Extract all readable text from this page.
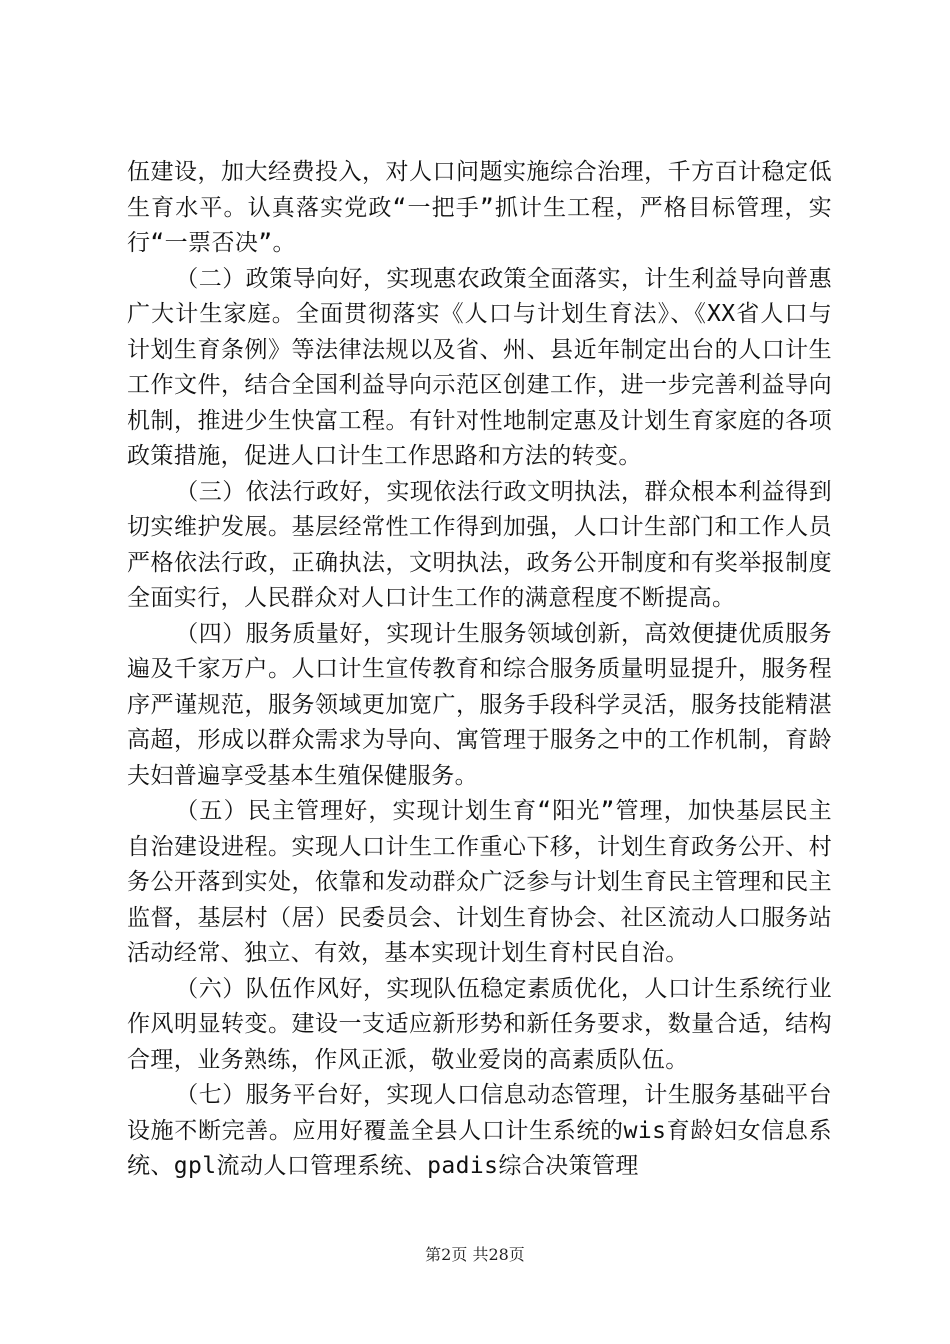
伍建设，加大经费投入，对人口问题实施综合治理，千方百计稳定低生育水平。认真落实党政“一把手”抓计生工程，严格目标管理，实行“一票否决”。

（二）政策导向好，实现惠农政策全面落实，计生利益导向普惠广大计生家庭。全面贯彻落实《人口与计划生育法》、《XX省人口与计划生育条例》等法律法规以及省、州、县近年制定出台的人口计生工作文件，结合全国利益导向示范区创建工作，进一步完善利益导向机制，推进少生快富工程。有针对性地制定惠及计划生育家庭的各项政策措施，促进人口计生工作思路和方法的转变。

（三）依法行政好，实现依法行政文明执法，群众根本利益得到切实维护发展。基层经常性工作得到加强，人口计生部门和工作人员严格依法行政，正确执法，文明执法，政务公开制度和有奖举报制度全面实行，人民群众对人口计生工作的满意程度不断提高。

（四）服务质量好，实现计生服务领域创新，高效便捷优质服务遍及千家万户。人口计生宣传教育和综合服务质量明显提升，服务程序严谨规范，服务领域更加宽广，服务手段科学灵活，服务技能精湛高超，形成以群众需求为导向、寓管理于服务之中的工作机制，育龄夫妇普遍享受基本生殖保健服务。

（五）民主管理好，实现计划生育“阳光”管理，加快基层民主自治建设进程。实现人口计生工作重心下移，计划生育政务公开、村务公开落到实处，依靠和发动群众广泛参与计划生育民主管理和民主监督，基层村（居）民委员会、计划生育协会、社区流动人口服务站活动经常、独立、有效，基本实现计划生育村民自治。

（六）队伍作风好，实现队伍稳定素质优化，人口计生系统行业作风明显转变。建设一支适应新形势和新任务要求，数量合适，结构合理，业务熟练，作风正派，敬业爱岗的高素质队伍。

（七）服务平台好，实现人口信息动态管理，计生服务基础平台设施不断完善。应用好覆盖全县人口计生系统的wis育龄妇女信息系统、gpl流动人口管理系统、padis综合决策管理

第2页 共28页
